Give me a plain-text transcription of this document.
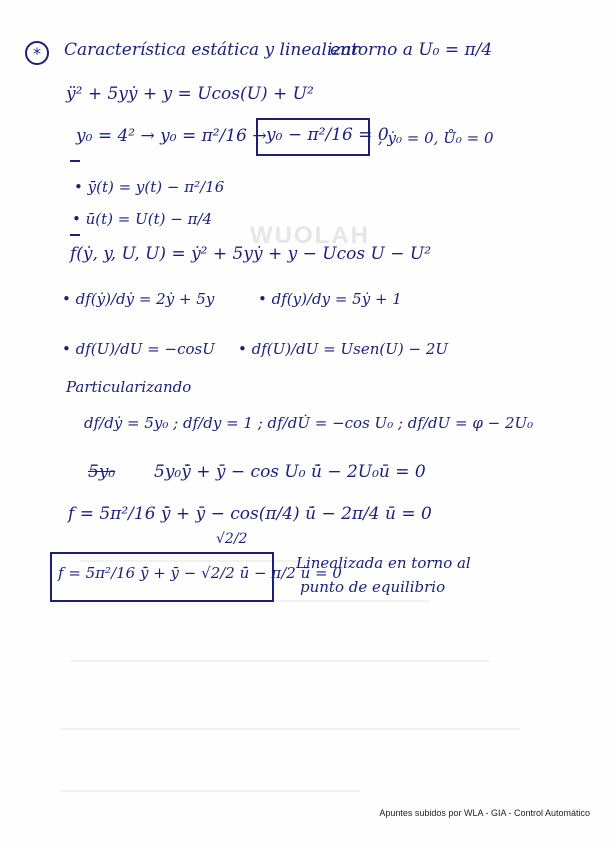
WUOLAH
* Característica estática y linealizar
entorno a U₀ = π/4
ÿ² + 5yẏ + y = Ucos(U) + U²
y₀ = 4² → y₀ = π²/16 → y₀ − π²/16 = 0
, ẏ₀ = 0, Ů₀ = 0
• ȳ(t) = y(t) − π²/16
• ū(t) = U(t) − π/4
f(ẏ, y, U, U) = ẏ² + 5yẏ + y − Ucos U − U²
• df(ẏ)/dẏ = 2ẏ + 5y	• df(y)/dy = 5ẏ + 1
• df(U)/dU = −cosU • df(U)/dU = Usen(U) − 2U
Particularizando
df/dẏ = 5y₀ ; df/dy = 1 ; df/dU̇ = −cos U₀ ; df/dU = φ − 2U₀
5y₀ 5y₀ȳ̇ + ȳ − cos U₀ ū̇ − 2U₀ū = 0
f = 5π²/16 ȳ̇ + ȳ − cos(π/4) ū̇ − 2π/4 ū = 0
√2/2
f = 5π²/16 ȳ̇ + ȳ − √2/2 ū̇ − π/2 ū = 0
Linealizada en torno al
punto de equilibrio
Apuntes subidos por WLA - GIA - Control Automático
